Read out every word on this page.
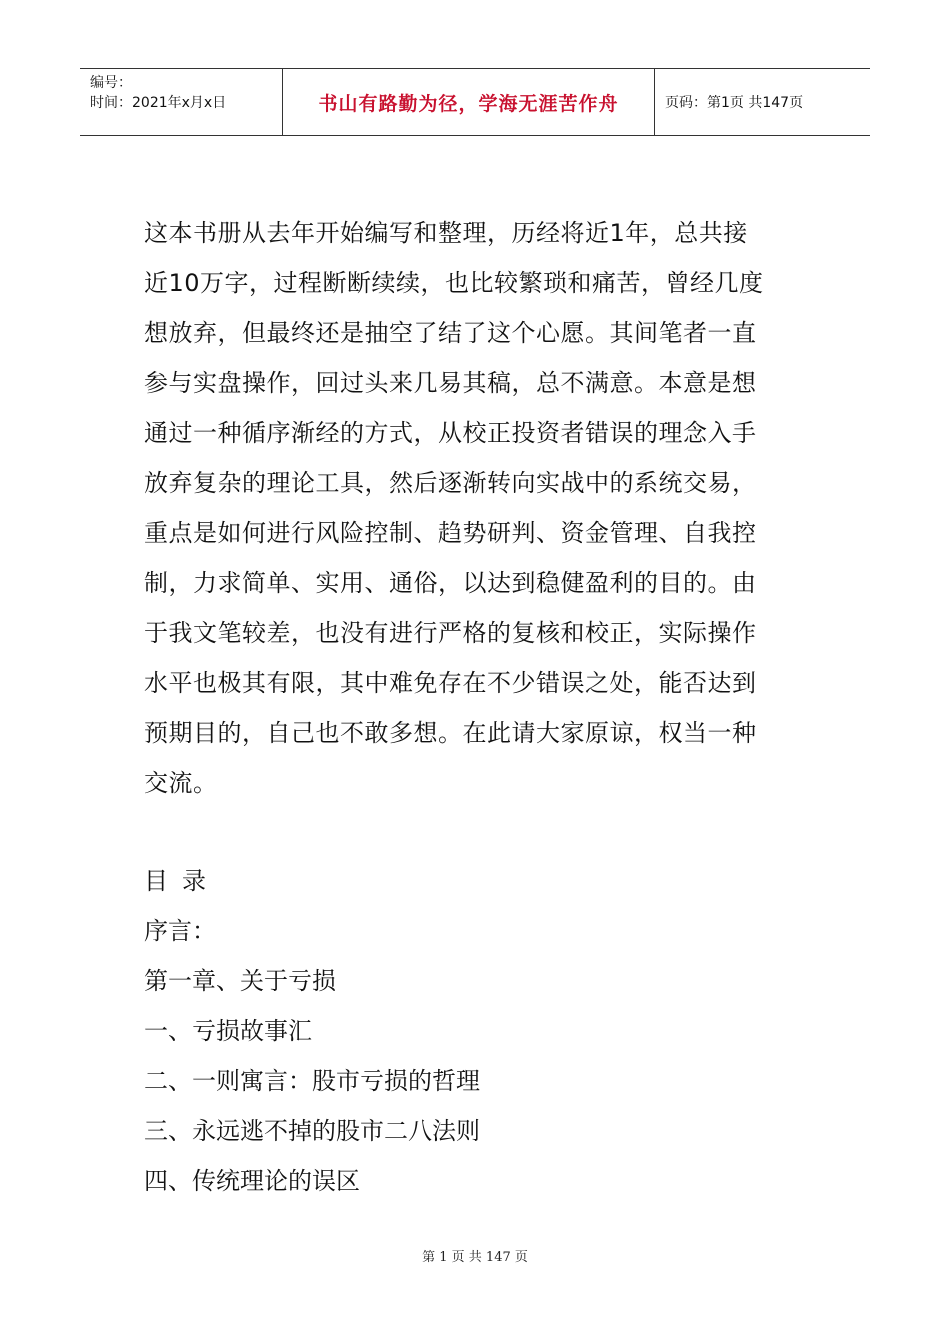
编号：
时间：2021年x月x日	书山有路勤为径，学海无涯苦作舟	页码：第1页 共147页
这本书册从去年开始编写和整理，历经将近1年，总共接
近10万字，过程断断续续，也比较繁琐和痛苦，曾经几度
想放弃，但最终还是抽空了结了这个心愿。其间笔者一直
参与实盘操作，回过头来几易其稿，总不满意。本意是想
通过一种循序渐经的方式，从校正投资者错误的理念入手
放弃复杂的理论工具，然后逐渐转向实战中的系统交易，
重点是如何进行风险控制、趋势研判、资金管理、自我控
制，力求简单、实用、通俗，以达到稳健盈利的目的。由
于我文笔较差，也没有进行严格的复核和校正，实际操作
水平也极其有限，其中难免存在不少错误之处，能否达到
预期目的，自己也不敢多想。在此请大家原谅，权当一种
交流。
目录
序言：
第一章、关于亏损
一、亏损故事汇
二、一则寓言：股市亏损的哲理
三、永远逃不掉的股市二八法则
四、传统理论的误区
第 1 页 共 147 页
